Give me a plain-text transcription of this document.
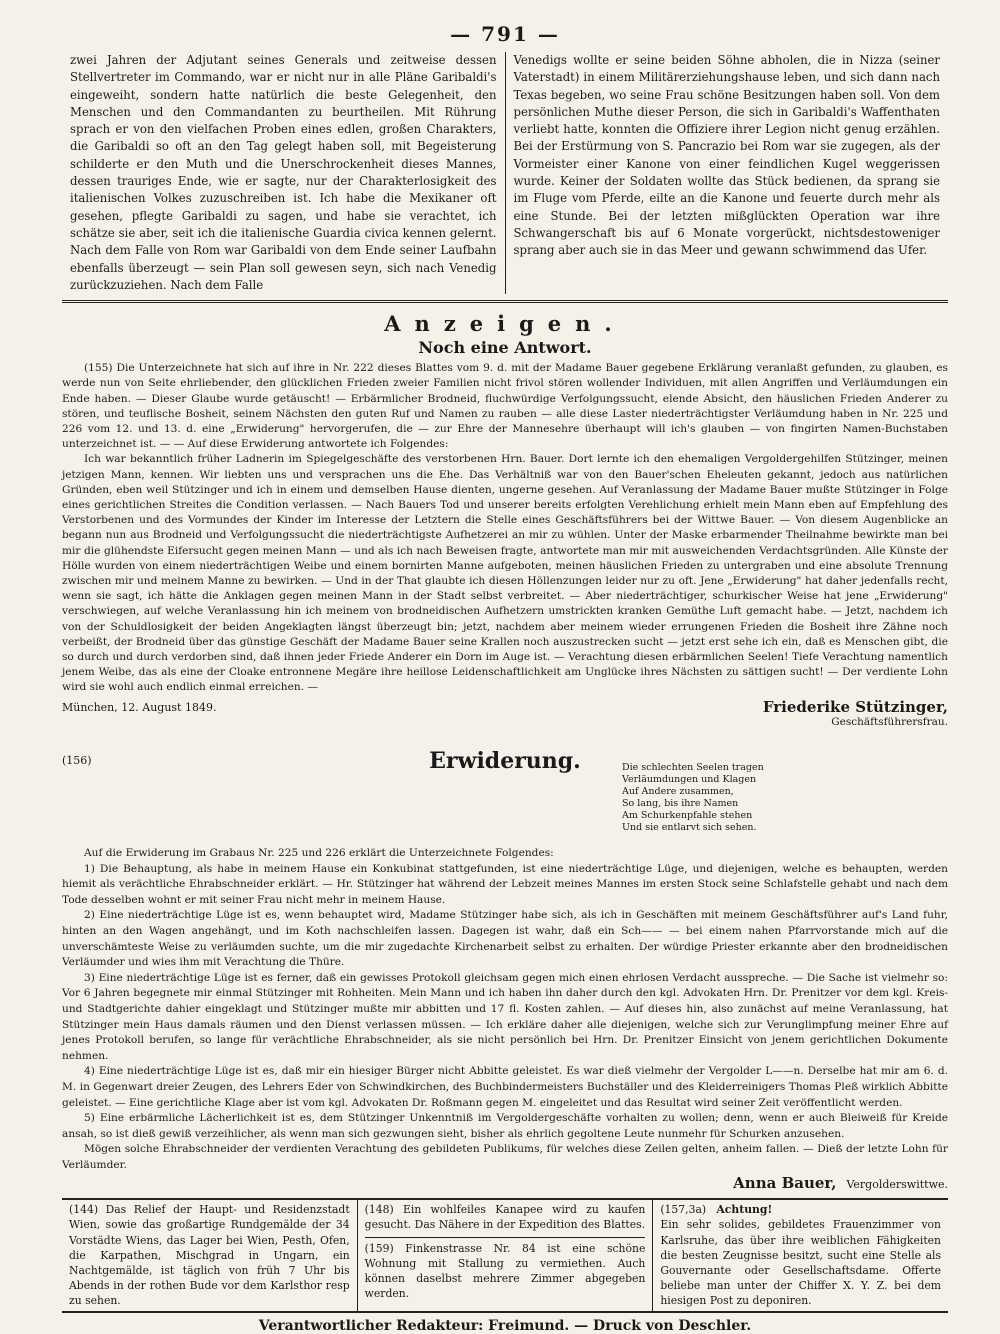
— 791 —
zwei Jahren der Adjutant seines Generals und zeitweise dessen Stellvertreter im Commando, war er nicht nur in alle Pläne Garibaldi's eingeweiht, sondern hatte natürlich die beste Gelegenheit, den Menschen und den Commandanten zu beurtheilen. Mit Rührung sprach er von den vielfachen Proben eines edlen, großen Charakters, die Garibaldi so oft an den Tag gelegt haben soll, mit Begeisterung schilderte er den Muth und die Unerschrockenheit dieses Mannes, dessen trauriges Ende, wie er sagte, nur der Charakterlosigkeit des italienischen Volkes zuzuschreiben ist. Ich habe die Mexikaner oft gesehen, pflegte Garibaldi zu sagen, und habe sie verachtet, ich schätze sie aber, seit ich die italienische Guardia civica kennen gelernt. Nach dem Falle von Rom war Garibaldi von dem Ende seiner Laufbahn ebenfalls überzeugt — sein Plan soll gewesen seyn, sich nach Venedig zurückzuziehen. Nach dem Falle
Venedigs wollte er seine beiden Söhne abholen, die in Nizza (seiner Vaterstadt) in einem Militärerziehungshause leben, und sich dann nach Texas begeben, wo seine Frau schöne Besitzungen haben soll. Von dem persönlichen Muthe dieser Person, die sich in Garibaldi's Waffenthaten verliebt hatte, konnten die Offiziere ihrer Legion nicht genug erzählen. Bei der Erstürmung von S. Pancrazio bei Rom war sie zugegen, als der Vormeister einer Kanone von einer feindlichen Kugel weggerissen wurde. Keiner der Soldaten wollte das Stück bedienen, da sprang sie im Fluge vom Pferde, eilte an die Kanone und feuerte durch mehr als eine Stunde. Bei der letzten mißglückten Operation war ihre Schwangerschaft bis auf 6 Monate vorgerückt, nichtsdestoweniger sprang aber auch sie in das Meer und gewann schwimmend das Ufer.
Anzeigen.
Noch eine Antwort.

(155) Die Unterzeichnete hat sich auf ihre in Nr. 222 dieses Blattes vom 9. d. mit der Madame Bauer gegebene Erklärung veranlaßt gefunden, zu glauben, es werde nun von Seite ehrliebender, den glücklichen Frieden zweier Familien nicht frivol stören wollender Individuen, mit allen Angriffen und Verläumdungen ein Ende haben. — Dieser Glaube wurde getäuscht! — Erbärmlicher Brodneid, fluchwürdige Verfolgungssucht, elende Absicht, den häuslichen Frieden Anderer zu stören, und teuflische Bosheit, seinem Nächsten den guten Ruf und Namen zu rauben — alle diese Laster niederträchtigster Verläumdung haben in Nr. 225 und 226 vom 12. und 13. d. eine „Erwiderung" hervorgerufen, die — zur Ehre der Mannesehre überhaupt will ich's glauben — von fingirten Namen-Buchstaben unterzeichnet ist. — — Auf diese Erwiderung antwortete ich Folgendes:

Ich war bekanntlich früher Ladnerin im Spiegelgeschäfte des verstorbenen Hrn. Bauer. Dort lernte ich den ehemaligen Vergoldergehilfen Stützinger, meinen jetzigen Mann, kennen. Wir liebten uns und versprachen uns die Ehe. Das Verhältniß war von den Bauer'schen Eheleuten gekannt, jedoch aus natürlichen Gründen, eben weil Stützinger und ich in einem und demselben Hause dienten, ungerne gesehen. Auf Veranlassung der Madame Bauer mußte Stützinger in Folge eines gerichtlichen Streites die Condition verlassen. — Nach Bauers Tod und unserer bereits erfolgten Verehlichung erhielt mein Mann eben auf Empfehlung des Verstorbenen und des Vormundes der Kinder im Interesse der Letztern die Stelle eines Geschäftsführers bei der Wittwe Bauer. — Von diesem Augenblicke an begann nun aus Brodneid und Verfolgungssucht die niederträchtigste Aufhetzerei an mir zu wühlen. Unter der Maske erbarmender Theilnahme bewirkte man bei mir die glühendste Eifersucht gegen meinen Mann — und als ich nach Beweisen fragte, antwortete man mir mit ausweichenden Verdachtsgründen. Alle Künste der Hölle wurden von einem niederträchtigen Weibe und einem bornirten Manne aufgeboten, meinen häuslichen Frieden zu untergraben und eine absolute Trennung zwischen mir und meinem Manne zu bewirken. — Und in der That glaubte ich diesen Höllenzungen leider nur zu oft. Jene „Erwiderung" hat daher jedenfalls recht, wenn sie sagt, ich hätte die Anklagen gegen meinen Mann in der Stadt selbst verbreitet. — Aber niederträchtiger, schurkischer Weise hat jene „Erwiderung" verschwiegen, auf welche Veranlassung hin ich meinem von brodneidischen Aufhetzern umstrickten kranken Gemüthe Luft gemacht habe. — Jetzt, nachdem ich von der Schuldlosigkeit der beiden Angeklagten längst überzeugt bin; jetzt, nachdem aber meinem wieder errungenen Frieden die Bosheit ihre Zähne noch verbeißt, der Brodneid über das günstige Geschäft der Madame Bauer seine Krallen noch auszustrecken sucht — jetzt erst sehe ich ein, daß es Menschen gibt, die so durch und durch verdorben sind, daß ihnen jeder Friede Anderer ein Dorn im Auge ist. — Verachtung diesen erbärmlichen Seelen! Tiefe Verachtung namentlich jenem Weibe, das als eine der Cloake entronnene Megäre ihre heillose Leidenschaftlichkeit am Unglücke ihres Nächsten zu sättigen sucht! — Der verdiente Lohn wird sie wohl auch endlich einmal erreichen. —

München, 12. August 1849.	Friederike Stützinger,
Geschäftsführersfrau.
(156)	Erwiderung.	Die schlechten Seelen tragen
Verläumdungen und Klagen
Auf Andere zusammen,
So lang, bis ihre Namen
Am Schurkenpfahle stehen
Und sie entlarvt sich sehen.

Auf die Erwiderung im Grabaus Nr. 225 und 226 erklärt die Unterzeichnete Folgendes:

1) Die Behauptung, als habe in meinem Hause ein Konkubinat stattgefunden, ist eine niederträchtige Lüge, und diejenigen, welche es behaupten, werden hiemit als verächtliche Ehrabschneider erklärt. — Hr. Stützinger hat während der Lebzeit meines Mannes im ersten Stock seine Schlafstelle gehabt und nach dem Tode desselben wohnt er mit seiner Frau nicht mehr in meinem Hause.

2) Eine niederträchtige Lüge ist es, wenn behauptet wird, Madame Stützinger habe sich, als ich in Geschäften mit meinem Geschäftsführer auf's Land fuhr, hinten an den Wagen angehängt, und im Koth nachschleifen lassen. Dagegen ist wahr, daß ein Sch—— — bei einem nahen Pfarrvorstande mich auf die unverschämteste Weise zu verläumden suchte, um die mir zugedachte Kirchenarbeit selbst zu erhalten. Der würdige Priester erkannte aber den brodneidischen Verläumder und wies ihm mit Verachtung die Thüre.

3) Eine niederträchtige Lüge ist es ferner, daß ein gewisses Protokoll gleichsam gegen mich einen ehrlosen Verdacht ausspreche. — Die Sache ist vielmehr so: Vor 6 Jahren begegnete mir einmal Stützinger mit Rohheiten. Mein Mann und ich haben ihn daher durch den kgl. Advokaten Hrn. Dr. Prenitzer vor dem kgl. Kreis- und Stadtgerichte dahier eingeklagt und Stützinger mußte mir abbitten und 17 fl. Kosten zahlen. — Auf dieses hin, also zunächst auf meine Veranlassung, hat Stützinger mein Haus damals räumen und den Dienst verlassen müssen. — Ich erkläre daher alle diejenigen, welche sich zur Verunglimpfung meiner Ehre auf jenes Protokoll berufen, so lange für verächtliche Ehrabschneider, als sie nicht persönlich bei Hrn. Dr. Prenitzer Einsicht von jenem gerichtlichen Dokumente nehmen.

4) Eine niederträchtige Lüge ist es, daß mir ein hiesiger Bürger nicht Abbitte geleistet. Es war dieß vielmehr der Vergolder L——n. Derselbe hat mir am 6. d. M. in Gegenwart dreier Zeugen, des Lehrers Eder von Schwindkirchen, des Buchbindermeisters Buchställer und des Kleiderreinigers Thomas Pleß wirklich Abbitte geleistet. — Eine gerichtliche Klage aber ist vom kgl. Advokaten Dr. Roßmann gegen M. eingeleitet und das Resultat wird seiner Zeit veröffentlicht werden.

5) Eine erbärmliche Lächerlichkeit ist es, dem Stützinger Unkenntniß im Vergoldergeschäfte vorhalten zu wollen; denn, wenn er auch Bleiweiß für Kreide ansah, so ist dieß gewiß verzeihlicher, als wenn man sich gezwungen sieht, bisher als ehrlich gegoltene Leute nunmehr für Schurken anzusehen.

Mögen solche Ehrabschneider der verdienten Verachtung des gebildeten Publikums, für welches diese Zeilen gelten, anheim fallen. — Dieß der letzte Lohn für Verläumder.

Anna Bauer, Vergolderswittwe.

(144) Das Relief der Haupt- und Residenzstadt Wien, sowie das großartige Rundgemälde der 34 Vorstädte Wiens, das Lager bei Wien, Pesth, Ofen, die Karpathen, Mischgrad in Ungarn, ein Nachtgemälde, ist täglich von früh 7 Uhr bis Abends in der rothen Bude vor dem Karlsthor resp zu sehen.

(148) Ein wohlfeiles Kanapee wird zu kaufen gesucht. Das Nähere in der Expedition des Blattes.

(159) Finkenstrasse Nr. 84 ist eine schöne Wohnung mit Stallung zu vermiethen. Auch können daselbst mehrere Zimmer abgegeben werden.

(157,3a) Achtung!

Ein sehr solides, gebildetes Frauenzimmer von Karlsruhe, das über ihre weiblichen Fähigkeiten die besten Zeugnisse besitzt, sucht eine Stelle als Gouvernante oder Gesellschaftsdame. Offerte beliebe man unter der Chiffer X. Y. Z. bei dem hiesigen Post zu deponiren.

Verantwortlicher Redakteur: Freimund. — Druck von Deschler.
